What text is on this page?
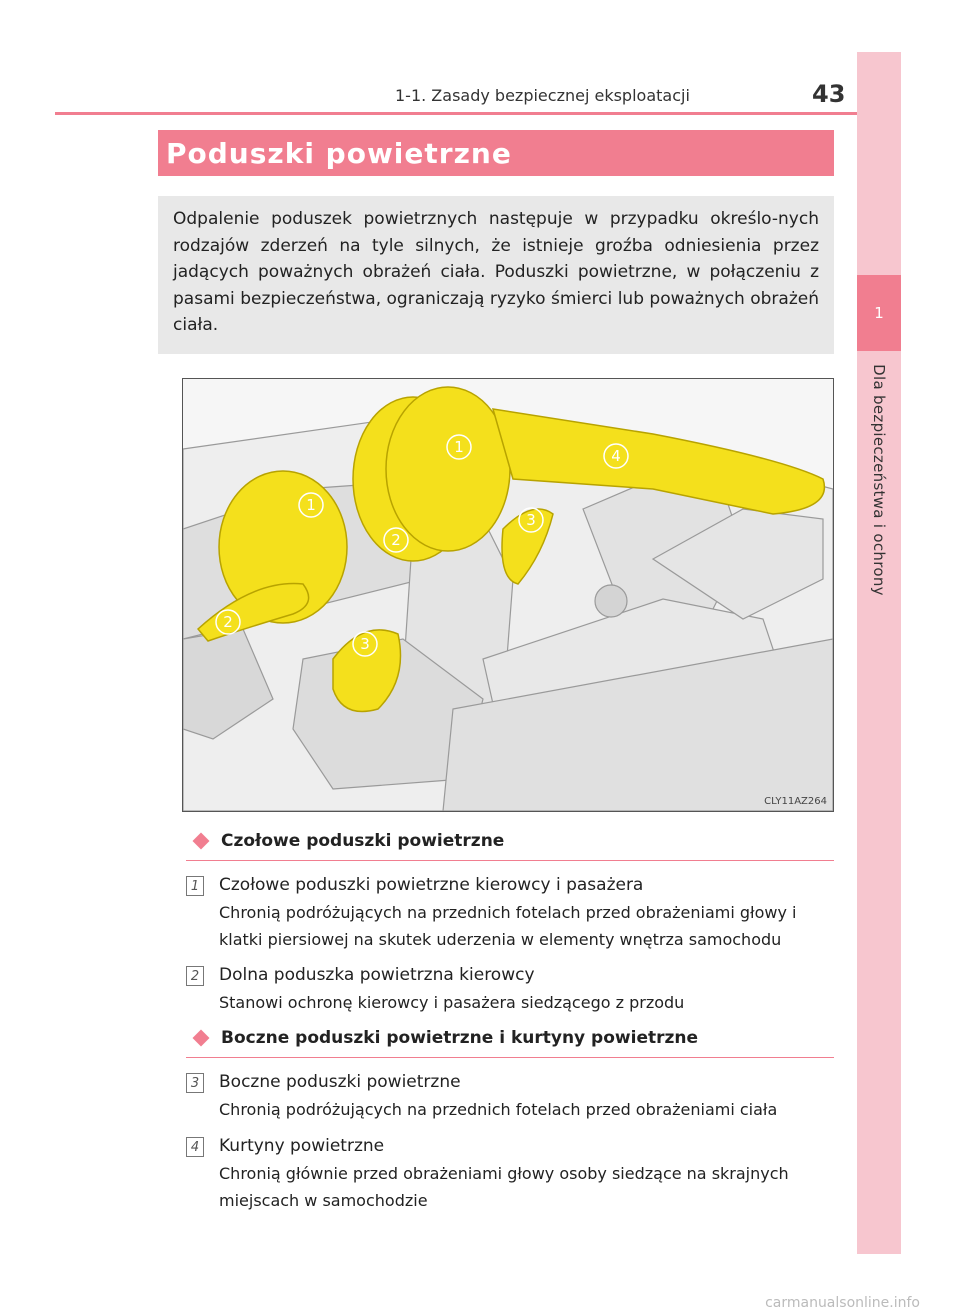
1
Dla bezpieczeństwa i ochrony
1-1. Zasady bezpiecznej eksploatacji	43
Poduszki powietrzne
Odpalenie poduszek powietrznych następuje w przypadku określo-nych rodzajów zderzeń na tyle silnych, że istnieje groźba odniesienia przez jadących poważnych obrażeń ciała. Poduszki powietrzne, w połączeniu z pasami bezpieczeństwa, ograniczają ryzyko śmierci lub poważnych obrażeń ciała.
1
1
2
2
3
3
4
CLY11AZ264
Czołowe poduszki powietrzne
1 Czołowe poduszki powietrzne kierowcy i pasażera
Chronią podróżujących na przednich fotelach przed obrażeniami głowy i klatki piersiowej na skutek uderzenia w elementy wnętrza samochodu
2 Dolna poduszka powietrzna kierowcy
Stanowi ochronę kierowcy i pasażera siedzącego z przodu
Boczne poduszki powietrzne i kurtyny powietrzne
3 Boczne poduszki powietrzne
Chronią podróżujących na przednich fotelach przed obrażeniami ciała
4 Kurtyny powietrzne
Chronią głównie przed obrażeniami głowy osoby siedzące na skrajnych miejscach w samochodzie
carmanualsonline.info
